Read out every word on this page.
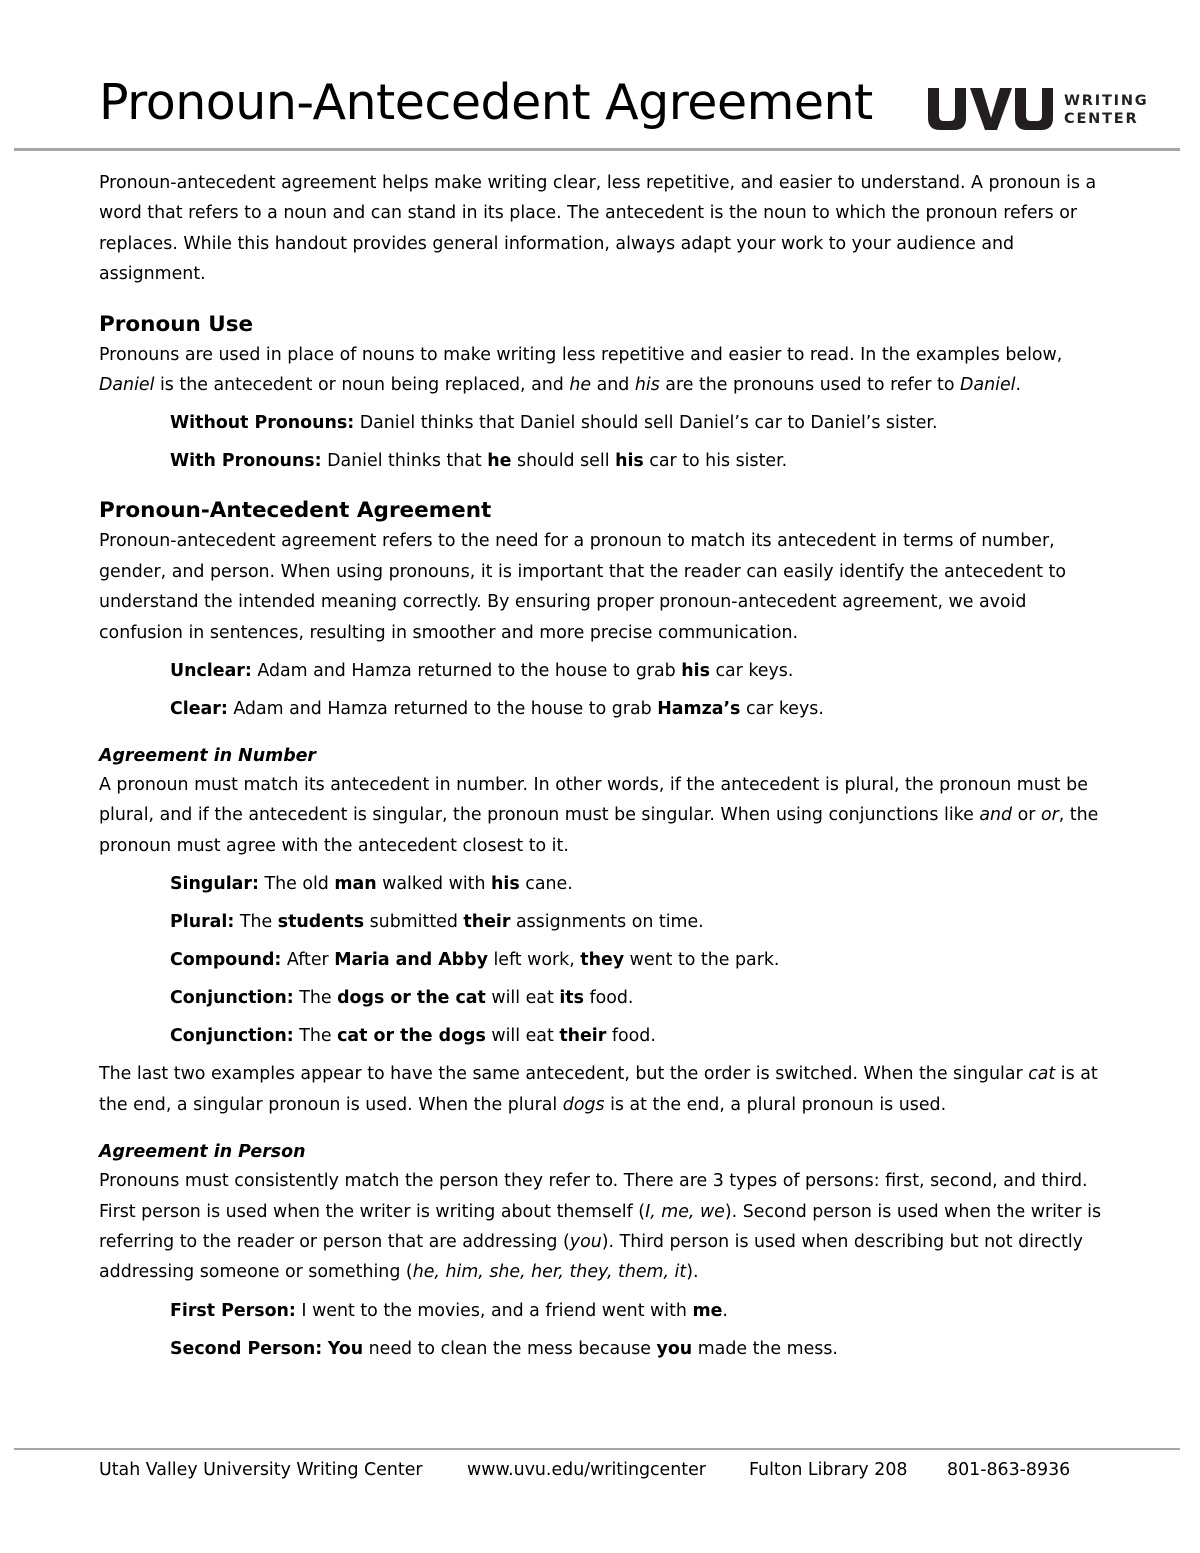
Pronoun-Antecedent Agreement	WRITING
CENTER

Pronoun-antecedent agreement helps make writing clear, less repetitive, and easier to understand. A pronoun is a word that refers to a noun and can stand in its place. The antecedent is the noun to which the pronoun refers or replaces. While this handout provides general information, always adapt your work to your audience and assignment.

Pronoun Use

Pronouns are used in place of nouns to make writing less repetitive and easier to read. In the examples below, Daniel is the antecedent or noun being replaced, and he and his are the pronouns used to refer to Daniel.

Without Pronouns: Daniel thinks that Daniel should sell Daniel’s car to Daniel’s sister.

With Pronouns: Daniel thinks that he should sell his car to his sister.

Pronoun-Antecedent Agreement

Pronoun-antecedent agreement refers to the need for a pronoun to match its antecedent in terms of number, gender, and person. When using pronouns, it is important that the reader can easily identify the antecedent to understand the intended meaning correctly. By ensuring proper pronoun-antecedent agreement, we avoid confusion in sentences, resulting in smoother and more precise communication.

Unclear: Adam and Hamza returned to the house to grab his car keys.

Clear: Adam and Hamza returned to the house to grab Hamza’s car keys.

Agreement in Number

A pronoun must match its antecedent in number. In other words, if the antecedent is plural, the pronoun must be plural, and if the antecedent is singular, the pronoun must be singular. When using conjunctions like and or or, the pronoun must agree with the antecedent closest to it.

Singular: The old man walked with his cane.

Plural: The students submitted their assignments on time.

Compound: After Maria and Abby left work, they went to the park.

Conjunction: The dogs or the cat will eat its food.

Conjunction: The cat or the dogs will eat their food.

The last two examples appear to have the same antecedent, but the order is switched. When the singular cat is at the end, a singular pronoun is used. When the plural dogs is at the end, a plural pronoun is used.

Agreement in Person

Pronouns must consistently match the person they refer to. There are 3 types of persons: first, second, and third. First person is used when the writer is writing about themself (I, me, we). Second person is used when the writer is referring to the reader or person that are addressing (you). Third person is used when describing but not directly addressing someone or something (he, him, she, her, they, them, it).

First Person: I went to the movies, and a friend went with me.

Second Person: You need to clean the mess because you made the mess.

Utah Valley University Writing Center	www.uvu.edu/writingcenter Fulton Library 208 801-863-8936
